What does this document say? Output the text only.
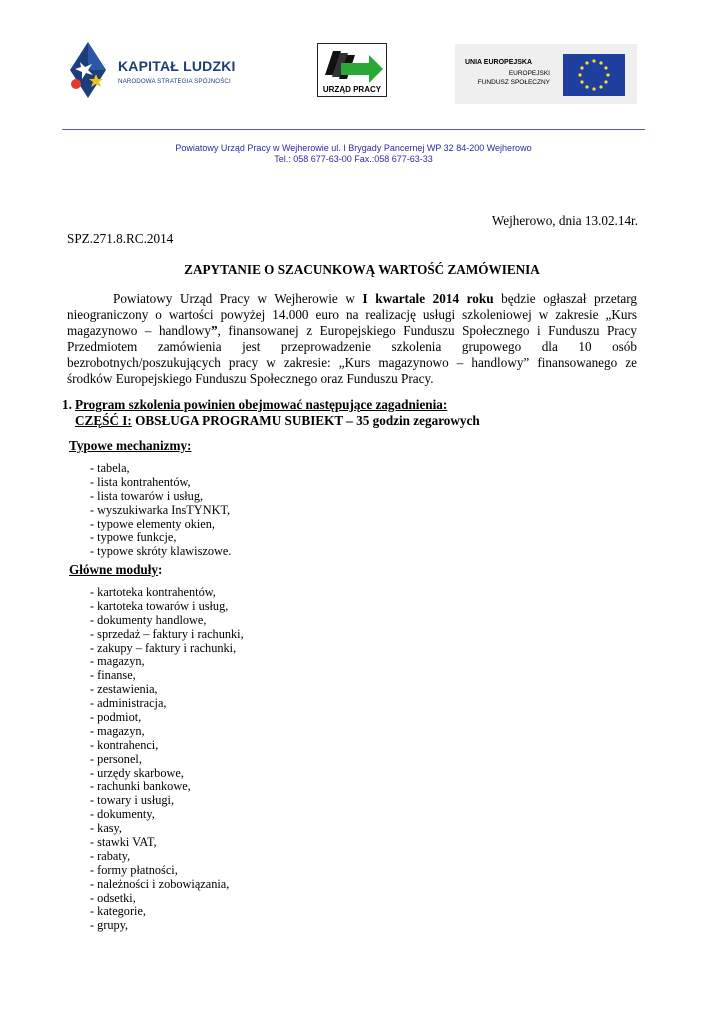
KAPITAŁ LUDZKI
NARODOWA STRATEGIA SPÓJNOŚCI
URZĄD PRACY
UNIA EUROPEJSKA
EUROPEJSKI
FUNDUSZ SPOŁECZNY
Powiatowy Urząd Pracy w Wejherowie ul. I Brygady Pancernej WP 32 84-200 Wejherowo
Tel.: 058 677-63-00 Fax.:058 677-63-33
Wejherowo, dnia 13.02.14r.
SPZ.271.8.RC.2014
ZAPYTANIE O SZACUNKOWĄ WARTOŚĆ ZAMÓWIENIA
Powiatowy Urząd Pracy w Wejherowie w I kwartale 2014 roku będzie ogłaszał przetarg
nieograniczony o wartości powyżej 14.000 euro na realizację usługi szkoleniowej w zakresie „Kurs
magazynowo – handlowy”, finansowanej z Europejskiego Funduszu Społecznego i Funduszu Pracy
Przedmiotem zamówienia jest przeprowadzenie szkolenia grupowego dla 10 osób
bezrobotnych/poszukujących pracy w zakresie: „Kurs magazynowo – handlowy” finansowanego ze
środków Europejskiego Funduszu Społecznego oraz Funduszu Pracy.
1. Program szkolenia powinien obejmować następujące zagadnienia:
CZĘŚĆ I: OBSŁUGA PROGRAMU SUBIEKT – 35 godzin zegarowych
Typowe mechanizmy:
- tabela,
- lista kontrahentów,
- lista towarów i usług,
- wyszukiwarka InsTYNKT,
- typowe elementy okien,
- typowe funkcje,
- typowe skróty klawiszowe.
Główne moduły:
- kartoteka kontrahentów,
- kartoteka towarów i usług,
- dokumenty handlowe,
- sprzedaż – faktury i rachunki,
- zakupy – faktury i rachunki,
- magazyn,
- finanse,
- zestawienia,
- administracja,
- podmiot,
- magazyn,
- kontrahenci,
- personel,
- urzędy skarbowe,
- rachunki bankowe,
- towary i usługi,
- dokumenty,
- kasy,
- stawki VAT,
- rabaty,
- formy płatności,
- należności i zobowiązania,
- odsetki,
- kategorie,
- grupy,
